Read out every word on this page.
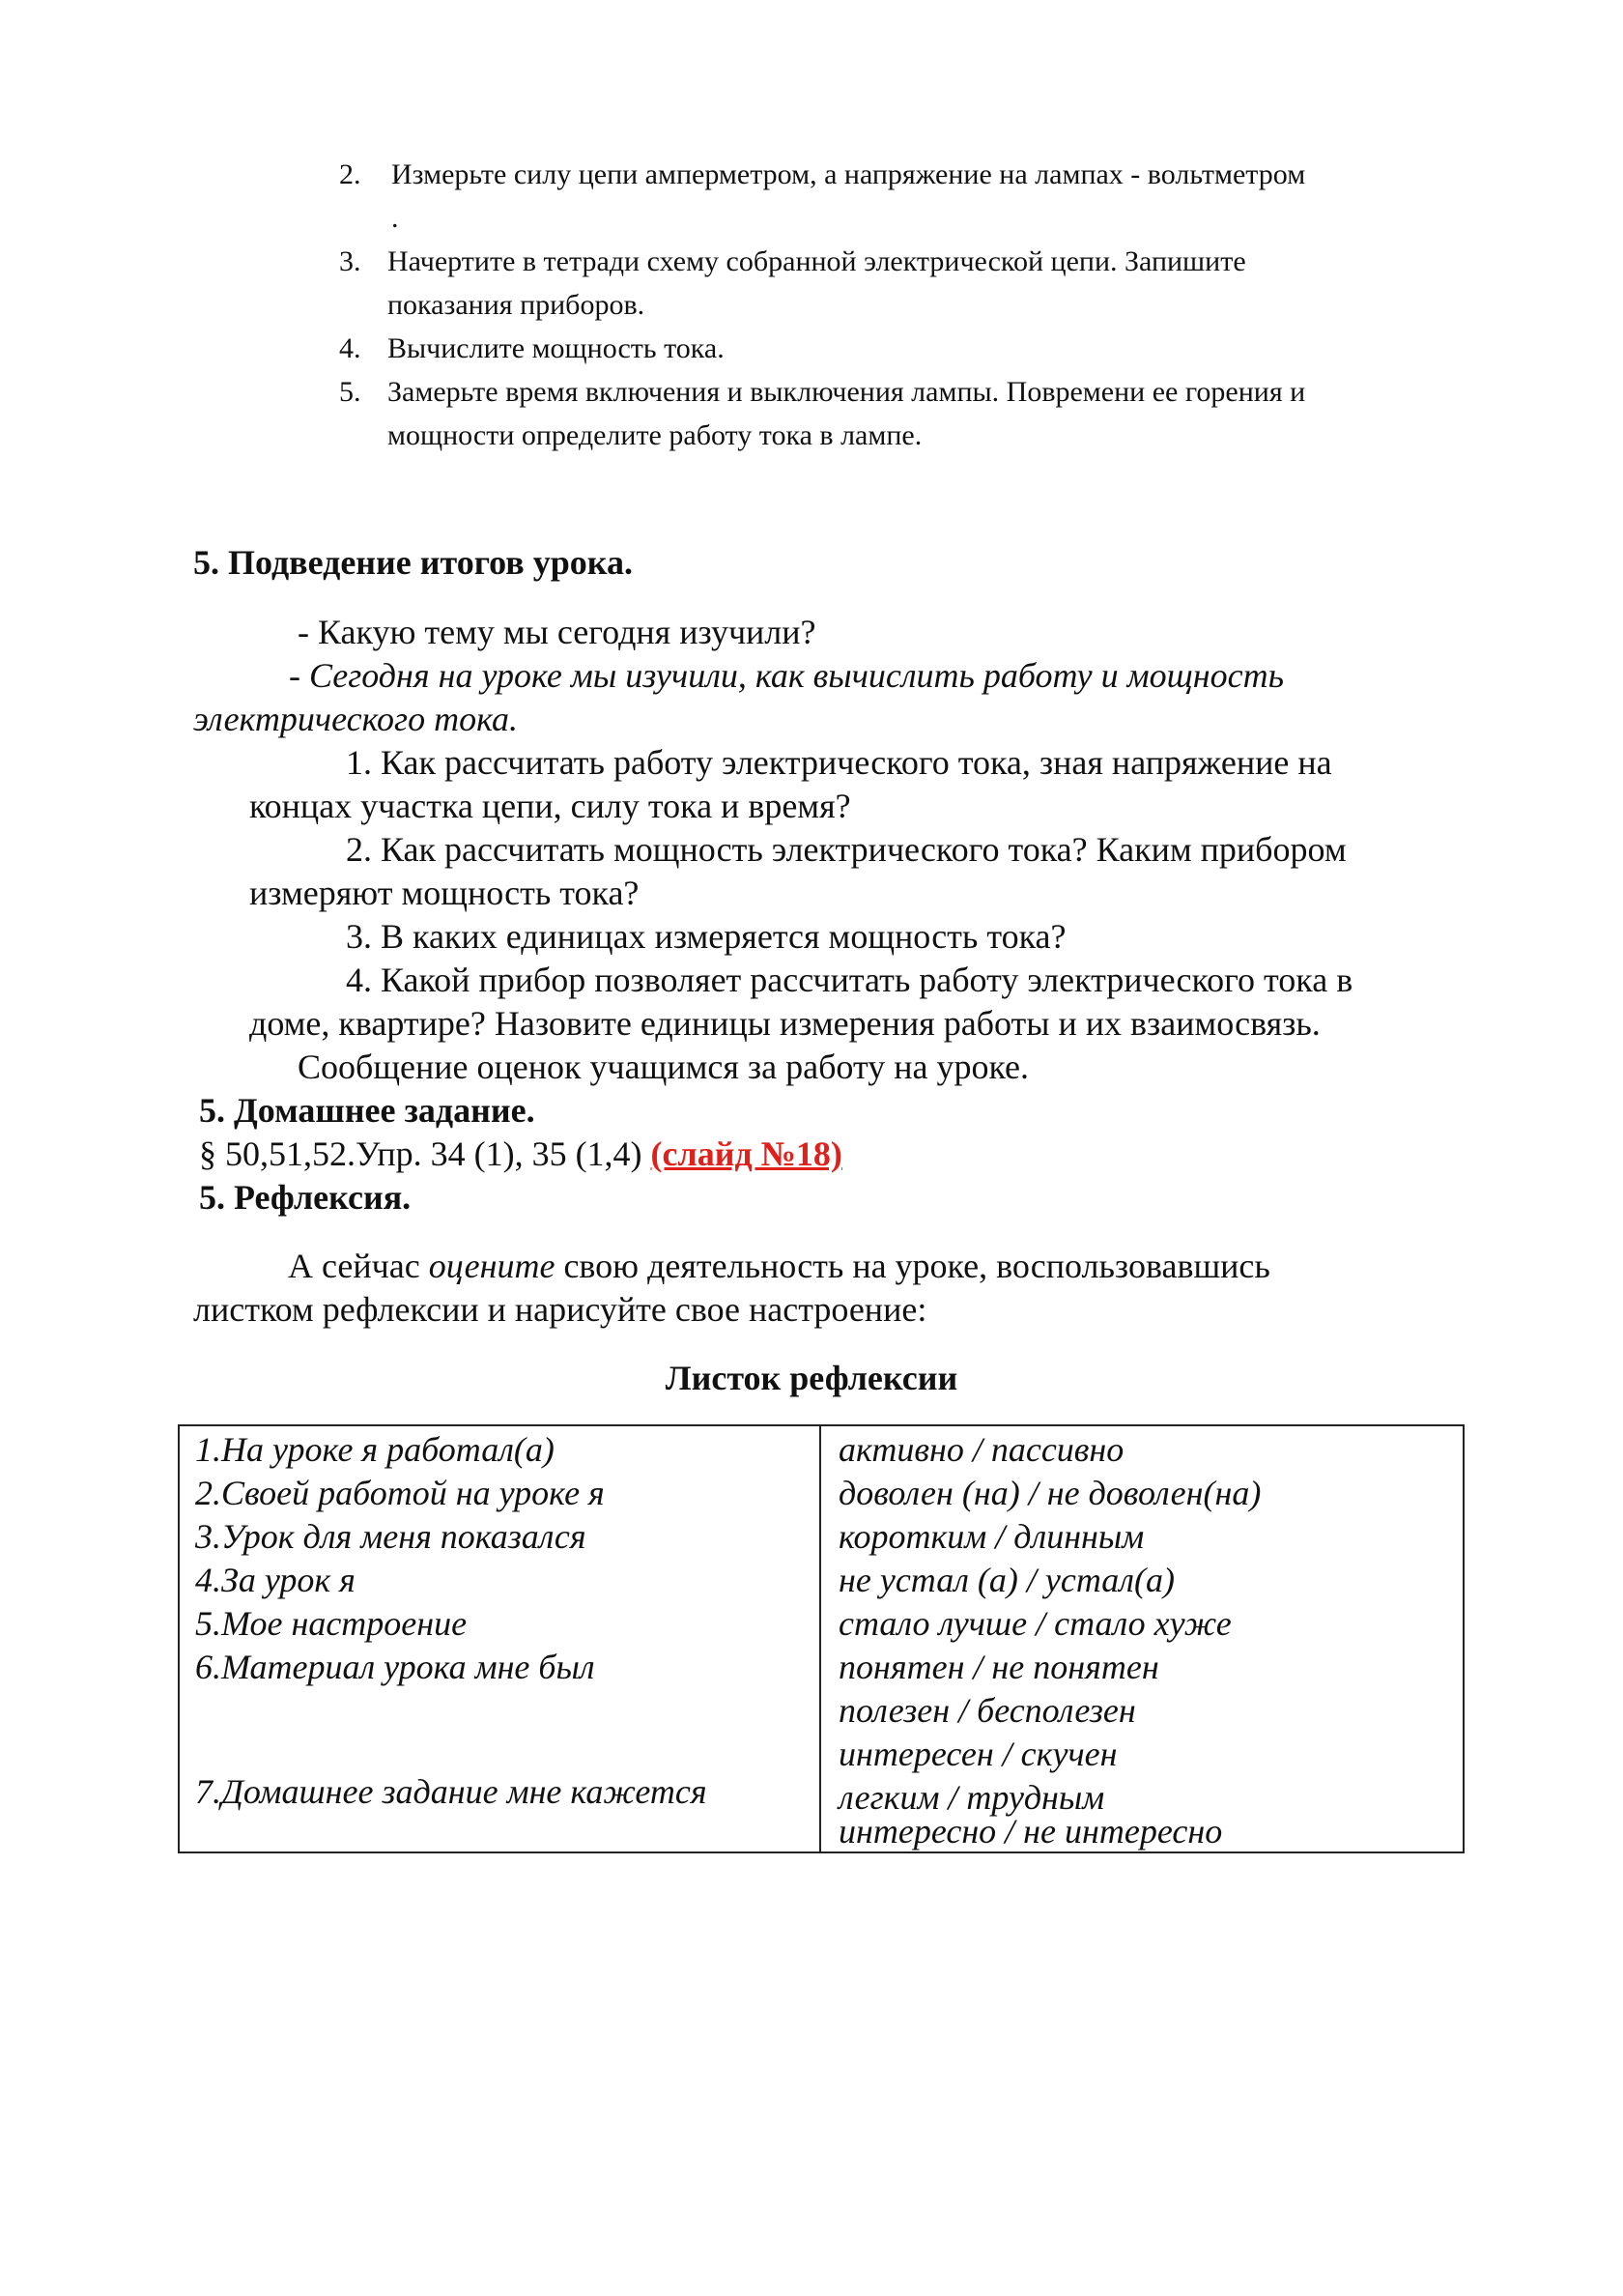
2. Измерьте силу цепи амперметром, а напряжение на лампах - вольтметром
.
3. Начертите в тетради схему собранной электрической цепи. Запишите
показания приборов.
4. Вычислите мощность тока.
5. Замерьте время включения и выключения лампы. Повремени ее горения и
мощности определите работу тока в лампе.
5. Подведение итогов урока.
- Какую тему мы сегодня изучили?
- Сегодня на уроке мы изучили, как вычислить работу и мощность
электрического тока.
1. Как рассчитать работу электрического тока, зная напряжение на
концах участка цепи, силу тока и время?
2. Как рассчитать мощность электрического тока? Каким прибором
измеряют мощность тока?
3. В каких единицах измеряется мощность тока?
4. Какой прибор позволяет рассчитать работу электрического тока в
доме, квартире? Назовите единицы измерения работы и их взаимосвязь.
Сообщение оценок учащимся за работу на уроке.
5. Домашнее задание.
§ 50,51,52.Упр. 34 (1), 35 (1,4) (слайд №18)
5. Рефлексия.
А сейчас оцените свою деятельность на уроке, воспользовавшись
листком рефлексии и нарисуйте свое настроение:
Листок рефлексии
1.На уроке я работал(а)
2.Своей работой на уроке я
3.Урок для меня показался
4.За урок я
5.Мое настроение
6.Материал урока мне был
7.Домашнее задание мне кажется
активно / пассивно
доволен (на) / не доволен(на)
коротким / длинным
не устал (а) / устал(а)
стало лучше / стало хуже
понятен / не понятен
полезен / бесполезен
интересен / скучен
легким / трудным
интересно / не интересно
